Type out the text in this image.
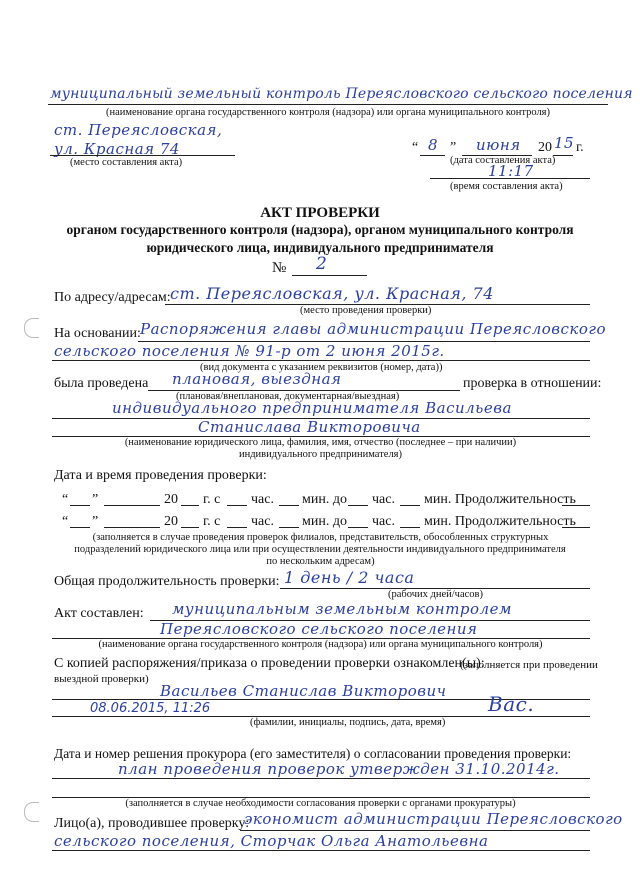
муниципальный земельный контроль Переясловского сельского поселения
(наименование органа государственного контроля (надзора) или органа муниципального контроля)
ст. Переясловская,
ул. Красная 74
(место составления акта)
“ 8 ” июня 20 15 г.
(дата составления акта)
11:17
(время составления акта)
АКТ ПРОВЕРКИ
органом государственного контроля (надзора), органом муниципального контроля
юридического лица, индивидуального предпринимателя
№ 2
По адресу/адресам: ст. Переясловская, ул. Красная, 74
(место проведения проверки)
На основании: Распоряжения главы администрации Переясловского
сельского поселения № 91-р от 2 июня 2015г.
(вид документа с указанием реквизитов (номер, дата))
была проведена плановая, выездная	проверка в отношении:
(плановая/внеплановая, документарная/выездная)
индивидуального предпринимателя Васильева
Станислава Викторовича
(наименование юридического лица, фамилия, имя, отчество (последнее – при наличии)
индивидуального предпринимателя)
Дата и время проведения проверки:
“ ”	20 г. с час. мин. до час. мин. Продолжительность
“ ”	20 г. с час. мин. до час. мин. Продолжительность
(заполняется в случае проведения проверок филиалов, представительств, обособленных структурных
подразделений юридического лица или при осуществлении деятельности индивидуального предпринимателя
по нескольким адресам)
Общая продолжительность проверки: 1 день / 2 часа
(рабочих дней/часов)
Акт составлен: муниципальным земельным контролем
Переясловского сельского поселения
(наименование органа государственного контроля (надзора) или органа муниципального контроля)
С копией распоряжения/приказа о проведении проверки ознакомлен(ы):
(заполняется при проведении
выездной проверки)
Васильев Станислав Викторович
08.06.2015, 11:26	Вас.
(фамилии, инициалы, подпись, дата, время)
Дата и номер решения прокурора (его заместителя) о согласовании проведения проверки:
план проведения проверок утвержден 31.10.2014г.
(заполняется в случае необходимости согласования проверки с органами прокуратуры)
Лицо(а), проводившее проверку:
экономист администрации Переясловского
сельского поселения, Сторчак Ольга Анатольевна
